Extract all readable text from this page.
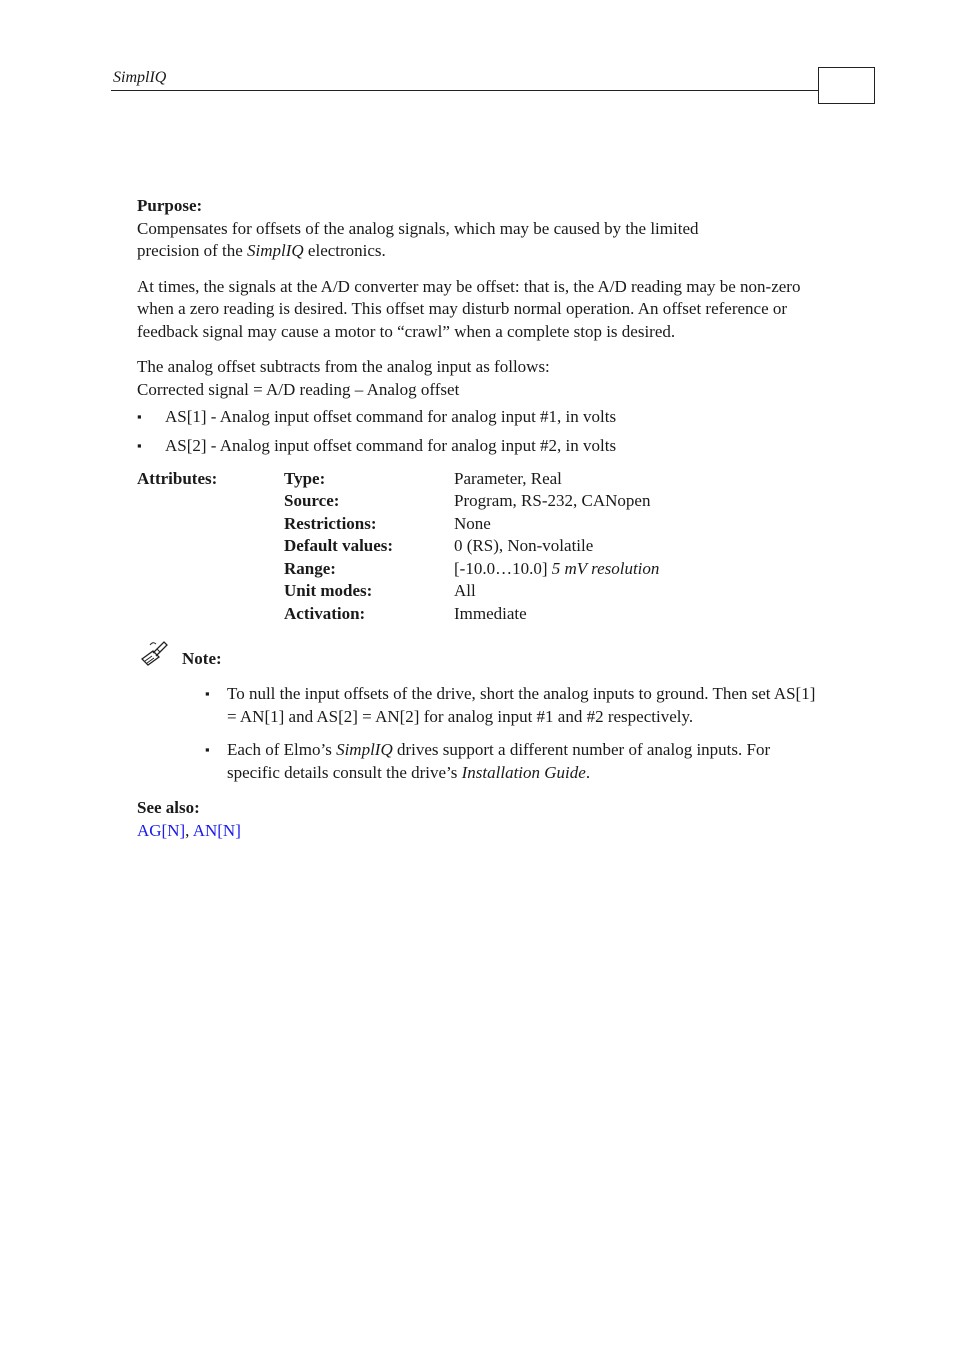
SimplIQ

Purpose:

Compensates for offsets of the analog signals, which may be caused by the limited

precision of the SimplIQ electronics.

At times, the signals at the A/D converter may be offset: that is, the A/D reading may be non-zero when a zero reading is desired. This offset may disturb normal operation. An offset reference or feedback signal may cause a motor to “crawl” when a complete stop is desired.

The analog offset subtracts from the analog input as follows:

Corrected signal = A/D reading – Analog offset

▪ AS[1] - Analog input offset command for analog input #1, in volts
▪ AS[2] - Analog input offset command for analog input #2, in volts
Attributes:	Type:	Parameter, Real
	Source:	Program, RS-232, CANopen
	Restrictions:	None
	Default values:	0 (RS), Non-volatile
	Range:	[-10.0…10.0] 5 mV resolution
	Unit modes:	All
	Activation:	Immediate
Note:
▪ To null the input offsets of the drive, short the analog inputs to ground. Then set AS[1] = AN[1] and AS[2] = AN[2] for analog input #1 and #2 respectively.
▪ Each of Elmo’s SimplIQ drives support a different number of analog inputs. For specific details consult the drive’s Installation Guide.

See also:

AG[N], AN[N]
